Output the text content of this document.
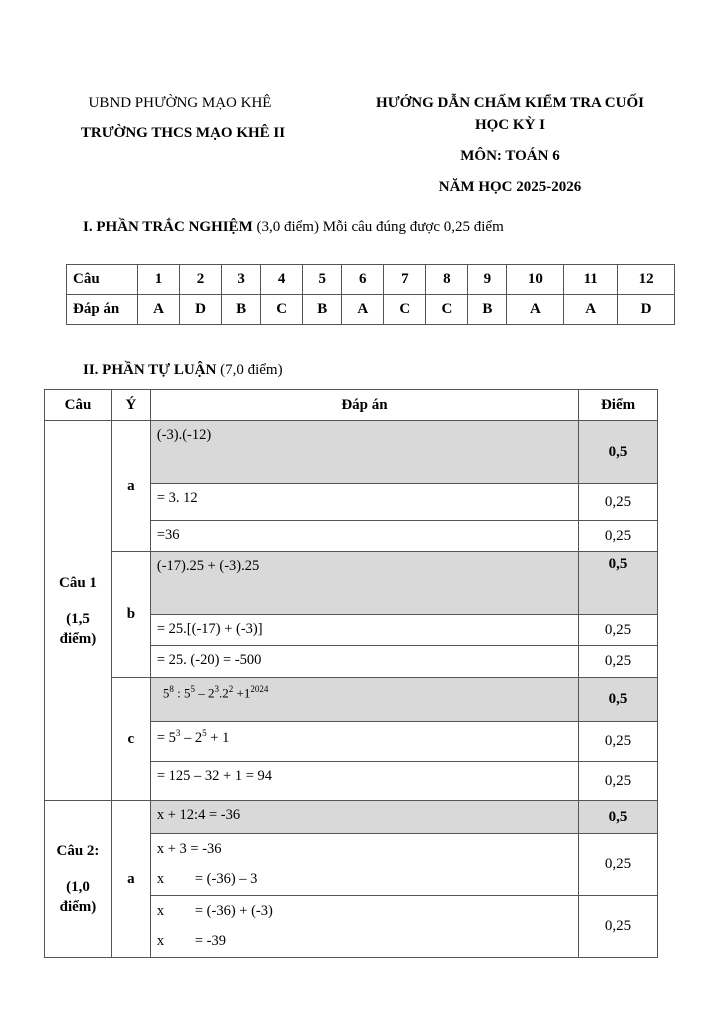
UBND PHƯỜNG MẠO KHÊ
TRƯỜNG THCS MẠO KHÊ II
HƯỚNG DẪN CHẤM KIỂM TRA CUỐI
HỌC KỲ I
MÔN: TOÁN 6
NĂM HỌC 2025-2026
I. PHẦN TRẮC NGHIỆM (3,0 điểm) Mỗi câu đúng được 0,25 điểm
Câu	1	2	3	4	5	6	7	8	9	10	11	12
Đáp án	A	D	B	C	B	A	C	C	B	A	A	D
II. PHẦN TỰ LUẬN (7,0 điểm)
Câu	Ý	Đáp án	Điểm

Câu 1
(1,5
điểm)	a	(-3).(-12)	0,5
		= 3. 12	0,25
		=36	0,25
	b	(-17).25 + (-3).25	0,5
		= 25.[(-17) + (-3)]	0,25
		= 25. (-20) = -500	0,25
	c	$5^8$ : $5^5 - 2^3.2^2 +1^{2024}$	0,5
		= $5^3 - 2^5 + 1$	0,25
		= 125 – 32 + 1 = 94	0,25

Câu 2:
(1,0
điểm)	a	x + 12:4 = -36	0,5

		x + 3 = -36
x = (-36) – 3	0,25

		x = (-36) + (-3)
x = -39	0,25
